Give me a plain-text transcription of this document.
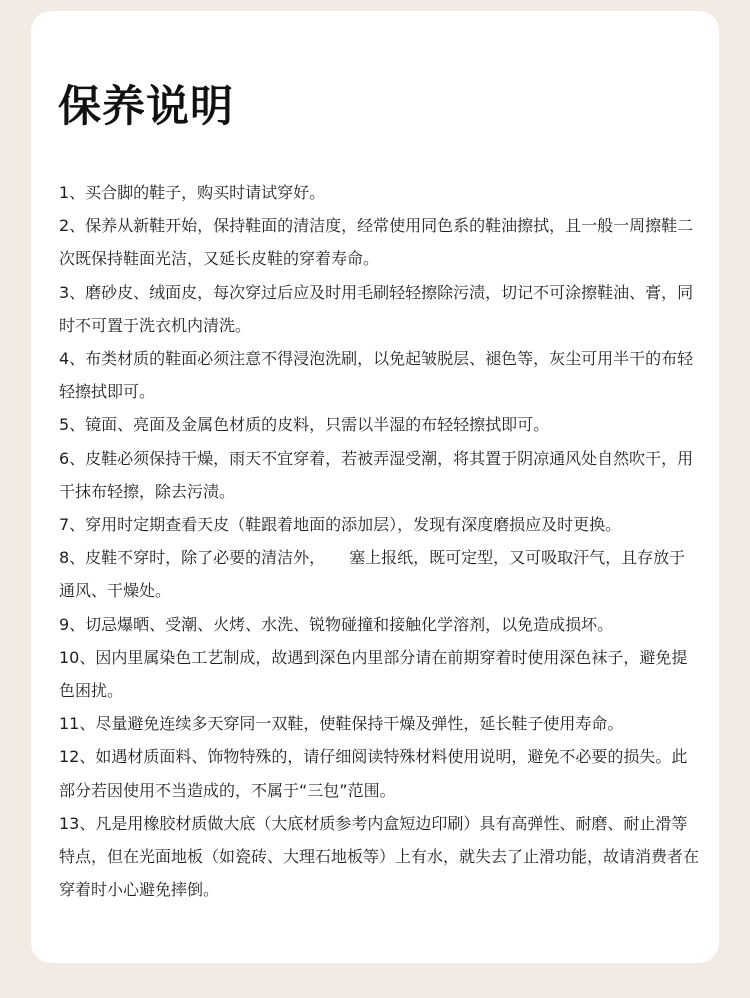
保养说明
1、买合脚的鞋子，购买时请试穿好。
2、保养从新鞋开始，保持鞋面的清洁度，经常使用同色系的鞋油擦拭，且一般一周擦鞋二次既保持鞋面光洁，又延长皮鞋的穿着寿命。
3、磨砂皮、绒面皮，每次穿过后应及时用毛刷轻轻擦除污渍，切记不可涂擦鞋油、膏，同时不可置于洗衣机内清洗。
4、布类材质的鞋面必须注意不得浸泡洗刷，以免起皱脱层、褪色等，灰尘可用半干的布轻轻擦拭即可。
5、镜面、亮面及金属色材质的皮料，只需以半湿的布轻轻擦拭即可。
6、皮鞋必须保持干燥，雨天不宜穿着，若被弄湿受潮，将其置于阴凉通风处自然吹干，用干抹布轻擦，除去污渍。
7、穿用时定期查看天皮（鞋跟着地面的添加层），发现有深度磨损应及时更换。
8、皮鞋不穿时，除了必要的清洁外，　　塞上报纸，既可定型，又可吸取汗气，且存放于通风、干燥处。
9、切忌爆晒、受潮、火烤、水洗、锐物碰撞和接触化学溶剂，以免造成损坏。
10、因内里属染色工艺制成，故遇到深色内里部分请在前期穿着时使用深色袜子，避免提色困扰。
11、尽量避免连续多天穿同一双鞋，使鞋保持干燥及弹性，延长鞋子使用寿命。
12、如遇材质面料、饰物特殊的，请仔细阅读特殊材料使用说明，避免不必要的损失。此部分若因使用不当造成的，不属于“三包”范围。
13、凡是用橡胶材质做大底（大底材质参考内盒短边印刷）具有高弹性、耐磨、耐止滑等特点，但在光面地板（如瓷砖、大理石地板等）上有水，就失去了止滑功能，故请消费者在穿着时小心避免摔倒。
